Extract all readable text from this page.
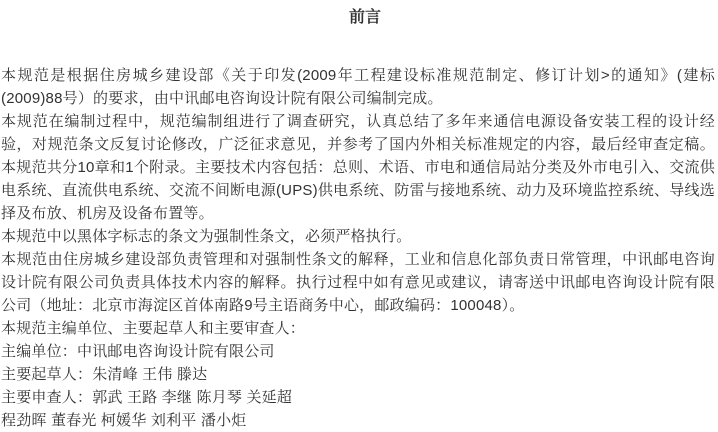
前言

本规范是根据住房城乡建设部《关于印发(2009年工程建设标准规范制定、修订计划>的通知》(建标(2009)88号）的要求，由中讯邮电咨询设计院有限公司编制完成。

本规范在编制过程中，规范编制组进行了调查研究，认真总结了多年来通信电源设备安装工程的设计经验，对规范条文反复讨论修改，广泛征求意见，并参考了国内外相关标准规定的内容，最后经审查定稿。本规范共分10章和1个附录。主要技术内容包括：总则、术语、市电和通信局站分类及外市电引入、交流供电系统、直流供电系统、交流不间断电源(UPS)供电系统、防雷与接地系统、动力及环境监控系统、导线选择及布放、机房及设备布置等。

本规范中以黑体字标志的条文为强制性条文，必须严格执行。

本规范由住房城乡建设部负责管理和对强制性条文的解释，工业和信息化部负责日常管理，中讯邮电咨询设计院有限公司负责具体技术内容的解释。执行过程中如有意见或建议，请寄送中讯邮电咨询设计院有限公司（地址：北京市海淀区首体南路9号主语商务中心，邮政编码：100048）。

本规范主编单位、主要起草人和主要审查人：

主编单位：中讯邮电咨询设计院有限公司

主要起草人：朱清峰 王伟 滕达

主要申查人：郭武 王路 李继 陈月琴 关延超

程劲晖 董春光 柯媛华 刘利平 潘小炬
